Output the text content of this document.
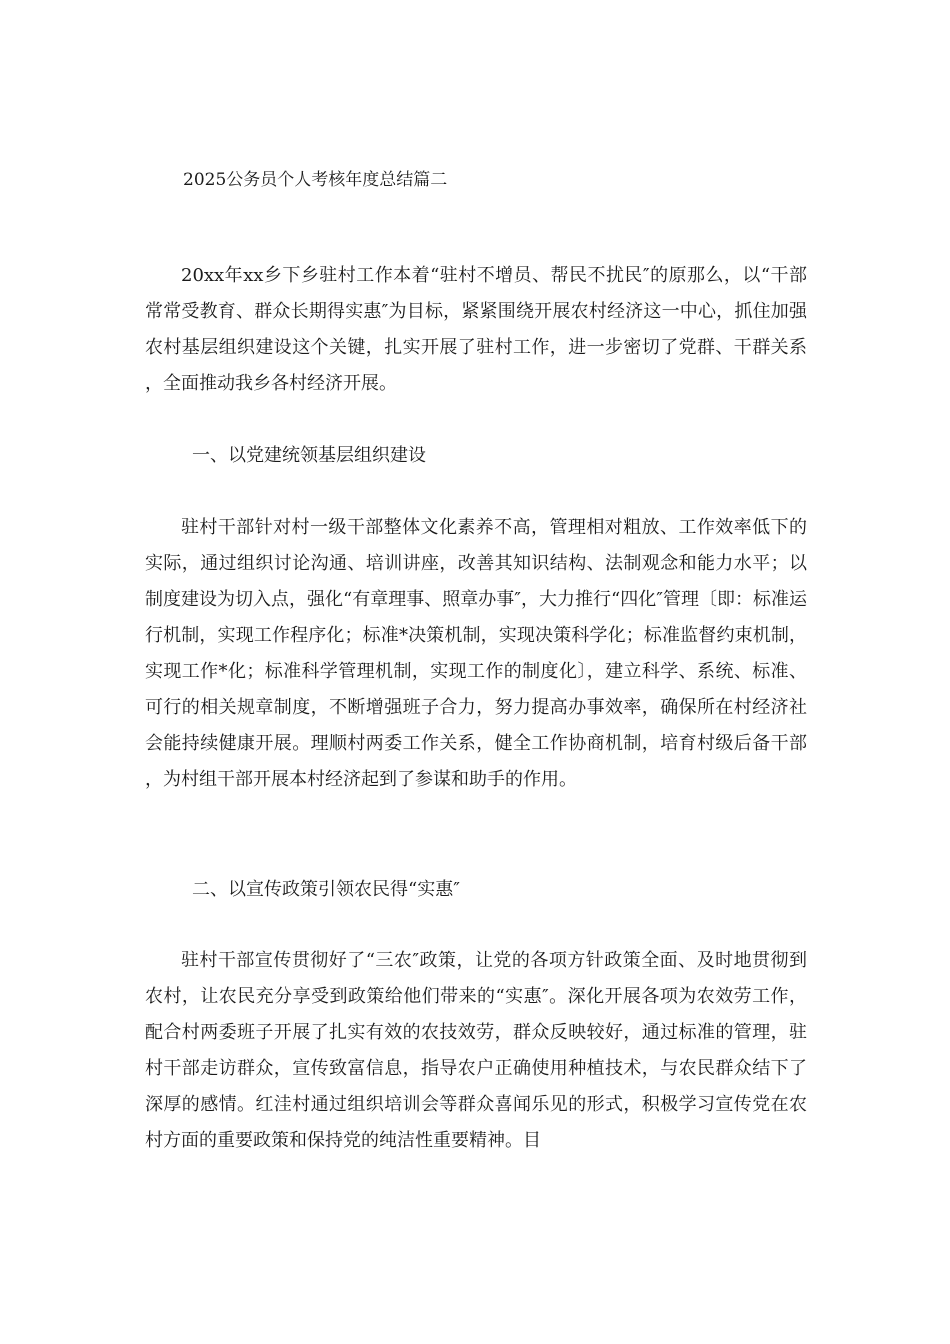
2025公务员个人考核年度总结篇二

20xx年xx乡下乡驻村工作本着“驻村不增员、帮民不扰民″的原那么，以“干部常常受教育、群众长期得实惠″为目标，紧紧围绕开展农村经济这一中心，抓住加强农村基层组织建设这个关键，扎实开展了驻村工作，进一步密切了党群、干群关系，全面推动我乡各村经济开展。

一、以党建统领基层组织建设

驻村干部针对村一级干部整体文化素养不高，管理相对粗放、工作效率低下的实际，通过组织讨论沟通、培训讲座，改善其知识结构、法制观念和能力水平；以制度建设为切入点，强化“有章理事、照章办事″，大力推行“四化″管理〔即：标准运行机制，实现工作程序化；标准*决策机制，实现决策科学化；标准监督约束机制，实现工作*化；标准科学管理机制，实现工作的制度化〕，建立科学、系统、标准、可行的相关规章制度，不断增强班子合力，努力提高办事效率，确保所在村经济社会能持续健康开展。理顺村两委工作关系，健全工作协商机制，培育村级后备干部，为村组干部开展本村经济起到了参谋和助手的作用。

二、以宣传政策引领农民得“实惠″

驻村干部宣传贯彻好了“三农″政策，让党的各项方针政策全面、及时地贯彻到农村，让农民充分享受到政策给他们带来的“实惠″。深化开展各项为农效劳工作，配合村两委班子开展了扎实有效的农技效劳，群众反映较好，通过标准的管理，驻村干部走访群众，宣传致富信息，指导农户正确使用种植技术，与农民群众结下了深厚的感情。红洼村通过组织培训会等群众喜闻乐见的形式，积极学习宣传党在农村方面的重要政策和保持党的纯洁性重要精神。目
